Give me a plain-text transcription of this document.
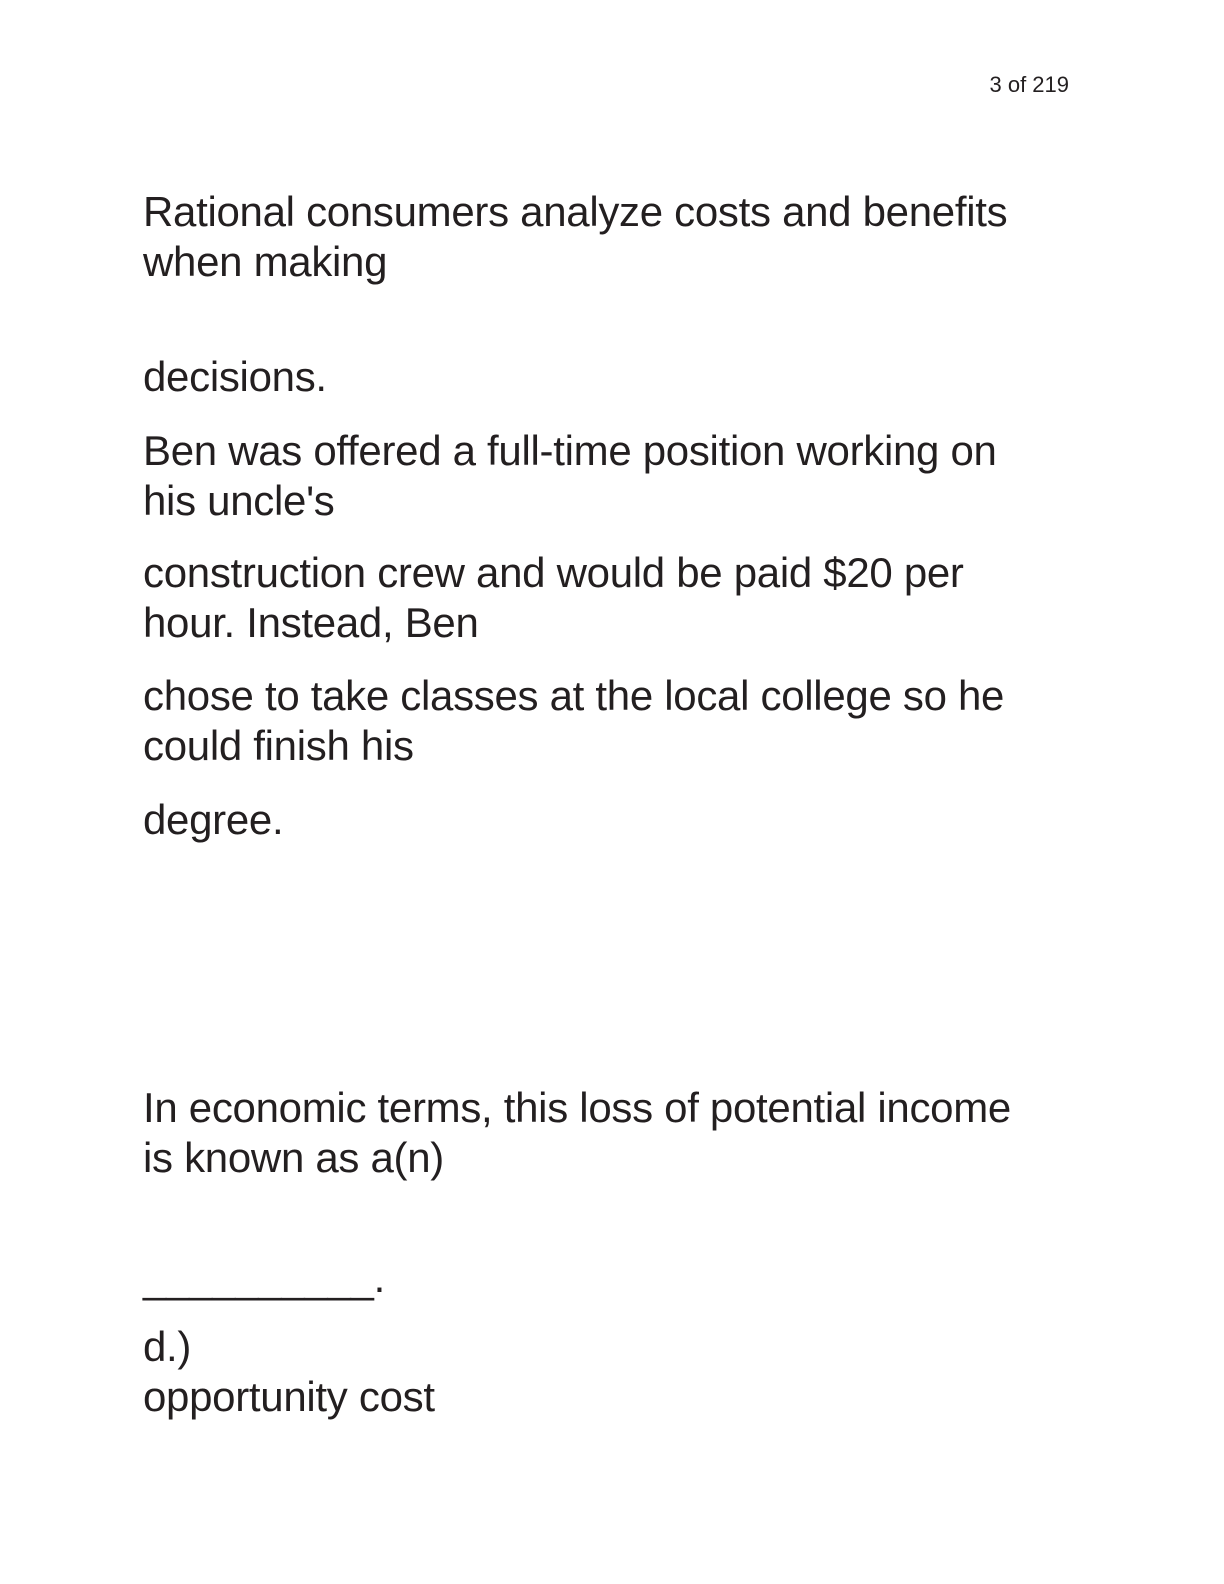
3 of 219
Rational consumers analyze costs and benefits
when making
decisions.
Ben was offered a full-time position working on
his uncle's
construction crew and would be paid $20 per
hour. Instead, Ben
chose to take classes at the local college so he
could finish his
degree.
In economic terms, this loss of potential income
is known as a(n)
__________.
d.)
opportunity cost
